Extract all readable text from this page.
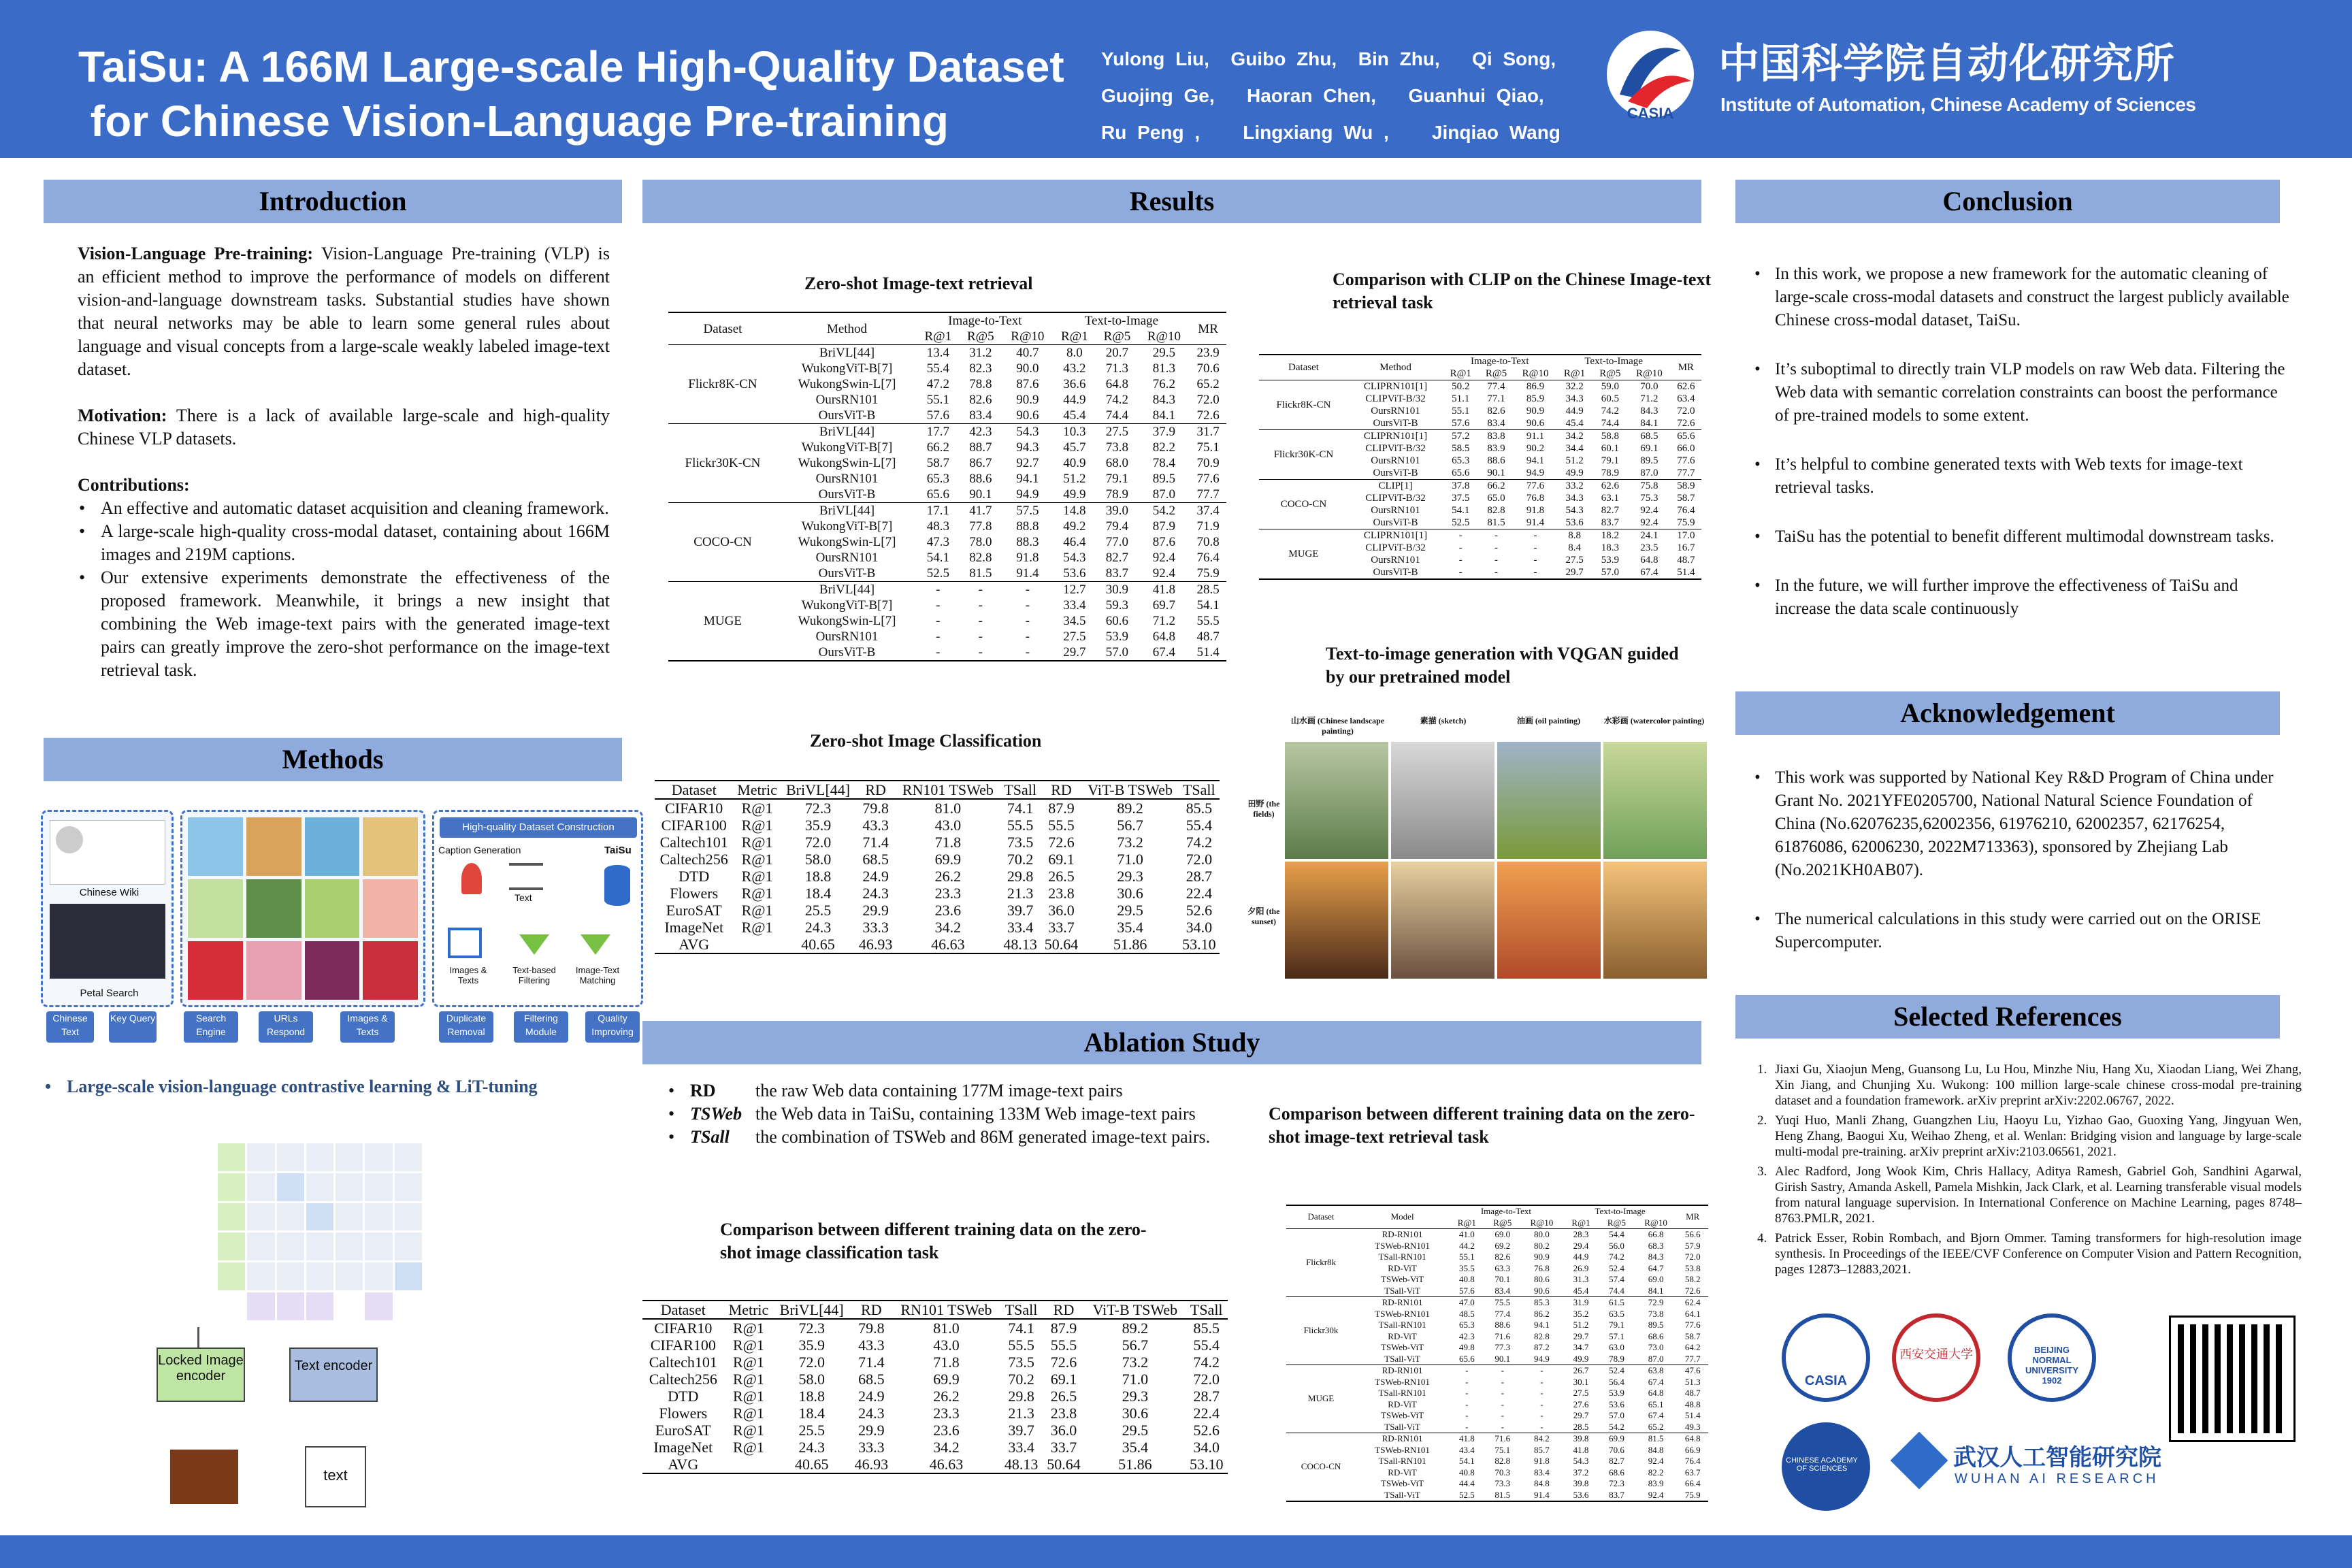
TaiSu: A 166M Large-scale High-Quality Dataset
for Chinese Vision-Language Pre-training
Yulong Liu,  Guibo Zhu,  Bin Zhu,   Qi Song,
Guojing Ge,   Haoran Chen,   Guanhui Qiao,
Ru Peng ,    Lingxiang Wu ,    Jinqiao Wang
CASIA
中国科学院自动化研究所
Institute of Automation, Chinese Academy of Sciences
Introduction

Vision-Language Pre-training: Vision-Language Pre-training (VLP) is an efficient method to improve the performance of models on different vision-and-language downstream tasks. Substantial studies have shown that neural networks may be able to learn some general rules about language and visual concepts from a large-scale weakly labeled image-text dataset.

Motivation: There is a lack of available large-scale and high-quality Chinese VLP datasets.

Contributions:

• An effective and automatic dataset acquisition and cleaning framework.
• A large-scale high-quality cross-modal dataset, containing about 166M images and 219M captions.
• Our extensive experiments demonstrate the effectiveness of the proposed framework. Meanwhile, it brings a new insight that combining the Web image-text pairs with the generated image-text pairs can greatly improve the zero-shot performance on the image-text retrieval task.
Methods
Chinese Wiki
Petal Search
High-quality Dataset Construction
Caption Generation	TaiSu
Text
Images & Texts
Text-based Filtering
Image-Text Matching
Chinese Text
Key Query	Search Engine
URLs Respond
Images & Texts
Duplicate Removal
Filtering Module
Quality Improving
• Large-scale vision-language contrastive learning & LiT-tuning
Locked Image encoder
Text encoder
text
Results
Zero-shot Image-text retrieval
Dataset	Method	Image-to-Text			Text-to-Image			MR
		R@1	R@5	R@10	R@1	R@5	R@10	
Flickr8K-CN	BriVL[44]	13.4	31.2	40.7	8.0	20.7	29.5	23.9
	WukongViT-B[7]	55.4	82.3	90.0	43.2	71.3	81.3	70.6
	WukongSwin-L[7]	47.2	78.8	87.6	36.6	64.8	76.2	65.2
	OursRN101	55.1	82.6	90.9	44.9	74.2	84.3	72.0
	OursViT-B	57.6	83.4	90.6	45.4	74.4	84.1	72.6
Flickr30K-CN	BriVL[44]	17.7	42.3	54.3	10.3	27.5	37.9	31.7
	WukongViT-B[7]	66.2	88.7	94.3	45.7	73.8	82.2	75.1
	WukongSwin-L[7]	58.7	86.7	92.7	40.9	68.0	78.4	70.9
	OursRN101	65.3	88.6	94.1	51.2	79.1	89.5	77.6
	OursViT-B	65.6	90.1	94.9	49.9	78.9	87.0	77.7
COCO-CN	BriVL[44]	17.1	41.7	57.5	14.8	39.0	54.2	37.4
	WukongViT-B[7]	48.3	77.8	88.8	49.2	79.4	87.9	71.9
	WukongSwin-L[7]	47.3	78.0	88.3	46.4	77.0	87.6	70.8
	OursRN101	54.1	82.8	91.8	54.3	82.7	92.4	76.4
	OursViT-B	52.5	81.5	91.4	53.6	83.7	92.4	75.9
MUGE	BriVL[44]	-	-	-	12.7	30.9	41.8	28.5
	WukongViT-B[7]	-	-	-	33.4	59.3	69.7	54.1
	WukongSwin-L[7]	-	-	-	34.5	60.6	71.2	55.5
	OursRN101	-	-	-	27.5	53.9	64.8	48.7
	OursViT-B	-	-	-	29.7	57.0	67.4	51.4
Zero-shot Image Classification
Dataset	Metric	BriVL[44]	RD	RN101 TSWeb	TSall	RD	ViT-B TSWeb	TSall
CIFAR10	R@1	72.3	79.8	81.0	74.1	87.9	89.2	85.5
CIFAR100	R@1	35.9	43.3	43.0	55.5	55.5	56.7	55.4
Caltech101	R@1	72.0	71.4	71.8	73.5	72.6	73.2	74.2
Caltech256	R@1	58.0	68.5	69.9	70.2	69.1	71.0	72.0
DTD	R@1	18.8	24.9	26.2	29.8	26.5	29.3	28.7
Flowers	R@1	18.4	24.3	23.3	21.3	23.8	30.6	22.4
EuroSAT	R@1	25.5	29.9	23.6	39.7	36.0	29.5	52.6
ImageNet	R@1	24.3	33.3	34.2	33.4	33.7	35.4	34.0
AVG		40.65	46.93	46.63	48.13	50.64	51.86	53.10
Comparison with CLIP on the Chinese Image-text retrieval task
Dataset	Method	Image-to-Text			Text-to-Image			MR
		R@1	R@5	R@10	R@1	R@5	R@10	
Flickr8K-CN	CLIPRN101[1]	50.2	77.4	86.9	32.2	59.0	70.0	62.6
	CLIPViT-B/32	51.1	77.1	85.9	34.3	60.5	71.2	63.4
	OursRN101	55.1	82.6	90.9	44.9	74.2	84.3	72.0
	OursViT-B	57.6	83.4	90.6	45.4	74.4	84.1	72.6
Flickr30K-CN	CLIPRN101[1]	57.2	83.8	91.1	34.2	58.8	68.5	65.6
	CLIPViT-B/32	58.5	83.9	90.2	34.4	60.1	69.1	66.0
	OursRN101	65.3	88.6	94.1	51.2	79.1	89.5	77.6
	OursViT-B	65.6	90.1	94.9	49.9	78.9	87.0	77.7
COCO-CN	CLIP[1]	37.8	66.2	77.6	33.2	62.6	75.8	58.9
	CLIPViT-B/32	37.5	65.0	76.8	34.3	63.1	75.3	58.7
	OursRN101	54.1	82.8	91.8	54.3	82.7	92.4	76.4
	OursViT-B	52.5	81.5	91.4	53.6	83.7	92.4	75.9
MUGE	CLIPRN101[1]	-	-	-	8.8	18.2	24.1	17.0
	CLIPViT-B/32	-	-	-	8.4	18.3	23.5	16.7
	OursRN101	-	-	-	27.5	53.9	64.8	48.7
	OursViT-B	-	-	-	29.7	57.0	67.4	51.4
Text-to-image generation with VQGAN guided by our pretrained model
山水画 (Chinese landscape painting)
素描 (sketch)	油画 (oil painting)	水彩画 (watercolor painting)
田野 (the fields)
夕阳 (the sunset)
Ablation Study
• RD the raw Web data containing 177M image-text pairs
• TSWeb the Web data in TaiSu, containing 133M Web image-text pairs
• TSall the combination of TSWeb and 86M generated image-text pairs.
Comparison between different training data on the zero-shot image classification task
Dataset	Metric	BriVL[44]	RD	RN101 TSWeb	TSall	RD	ViT-B TSWeb	TSall
CIFAR10	R@1	72.3	79.8	81.0	74.1	87.9	89.2	85.5
CIFAR100	R@1	35.9	43.3	43.0	55.5	55.5	56.7	55.4
Caltech101	R@1	72.0	71.4	71.8	73.5	72.6	73.2	74.2
Caltech256	R@1	58.0	68.5	69.9	70.2	69.1	71.0	72.0
DTD	R@1	18.8	24.9	26.2	29.8	26.5	29.3	28.7
Flowers	R@1	18.4	24.3	23.3	21.3	23.8	30.6	22.4
EuroSAT	R@1	25.5	29.9	23.6	39.7	36.0	29.5	52.6
ImageNet	R@1	24.3	33.3	34.2	33.4	33.7	35.4	34.0
AVG		40.65	46.93	46.63	48.13	50.64	51.86	53.10
Comparison between different training data on the zero-shot image-text retrieval task
Dataset	Model	Image-to-Text			Text-to-Image			MR
		R@1	R@5	R@10	R@1	R@5	R@10	
Flickr8k	RD-RN101	41.0	69.0	80.0	28.3	54.4	66.8	56.6
	TSWeb-RN101	44.2	69.2	80.2	29.4	56.0	68.3	57.9
	TSall-RN101	55.1	82.6	90.9	44.9	74.2	84.3	72.0
	RD-ViT	35.5	63.3	76.8	26.9	52.4	64.7	53.8
	TSWeb-ViT	40.8	70.1	80.6	31.3	57.4	69.0	58.2
	TSall-ViT	57.6	83.4	90.6	45.4	74.4	84.1	72.6
Flickr30k	RD-RN101	47.0	75.5	85.3	31.9	61.5	72.9	62.4
	TSWeb-RN101	48.5	77.4	86.2	35.2	63.5	73.8	64.1
	TSall-RN101	65.3	88.6	94.1	51.2	79.1	89.5	77.6
	RD-ViT	42.3	71.6	82.8	29.7	57.1	68.6	58.7
	TSWeb-ViT	49.8	77.3	87.2	34.7	63.0	73.0	64.2
	TSall-ViT	65.6	90.1	94.9	49.9	78.9	87.0	77.7
MUGE	RD-RN101	-	-	-	26.7	52.4	63.8	47.6
	TSWeb-RN101	-	-	-	30.1	56.4	67.4	51.3
	TSall-RN101	-	-	-	27.5	53.9	64.8	48.7
	RD-ViT	-	-	-	27.6	53.6	65.1	48.8
	TSWeb-ViT	-	-	-	29.7	57.0	67.4	51.4
	TSall-ViT	-	-	-	28.5	54.2	65.2	49.3
COCO-CN	RD-RN101	41.8	71.6	84.2	39.8	69.9	81.5	64.8
	TSWeb-RN101	43.4	75.1	85.7	41.8	70.6	84.8	66.9
	TSall-RN101	54.1	82.8	91.8	54.3	82.7	92.4	76.4
	RD-ViT	40.8	70.3	83.4	37.2	68.6	82.2	63.7
	TSWeb-ViT	44.4	73.3	84.8	39.8	72.3	83.9	66.4
	TSall-ViT	52.5	81.5	91.4	53.6	83.7	92.4	75.9
Conclusion
• In this work, we propose a new framework for the automatic cleaning of large-scale cross-modal datasets and construct the largest publicly available Chinese cross-modal dataset, TaiSu.
• It’s suboptimal to directly train VLP models on raw Web data. Filtering the Web data with semantic correlation constraints can boost the performance of pre-trained models to some extent.
• It’s helpful to combine generated texts with Web texts for image-text retrieval tasks.
• TaiSu has the potential to benefit different multimodal downstream tasks.
• In the future, we will further improve the effectiveness of TaiSu and increase the data scale continuously
Acknowledgement
• This work was supported by National Key R&D Program of China under Grant No. 2021YFE0205700, National Natural Science Foundation of China (No.62076235,62002356, 61976210, 62002357, 62176254, 61876086, 62006230, 2022M713363), sponsored by Zhejiang Lab (No.2021KH0AB07).
• The numerical calculations in this study were carried out on the ORISE Supercomputer.
Selected References
1. Jiaxi Gu, Xiaojun Meng, Guansong Lu, Lu Hou, Minzhe Niu, Hang Xu, Xiaodan Liang, Wei Zhang, Xin Jiang, and Chunjing Xu. Wukong: 100 million large-scale chinese cross-modal pre-training dataset and a foundation framework. arXiv preprint arXiv:2202.06767, 2022.
2. Yuqi Huo, Manli Zhang, Guangzhen Liu, Haoyu Lu, Yizhao Gao, Guoxing Yang, Jingyuan Wen, Heng Zhang, Baogui Xu, Weihao Zheng, et al. Wenlan: Bridging vision and language by large-scale multi-modal pre-training. arXiv preprint arXiv:2103.06561, 2021.
3. Alec Radford, Jong Wook Kim, Chris Hallacy, Aditya Ramesh, Gabriel Goh, Sandhini Agarwal, Girish Sastry, Amanda Askell, Pamela Mishkin, Jack Clark, et al. Learning transferable visual models from natural language supervision. In International Conference on Machine Learning, pages 8748–8763.PMLR, 2021.
4. Patrick Esser, Robin Rombach, and Bjorn Ommer. Taming transformers for high-resolution image synthesis. In Proceedings of the IEEE/CVF Conference on Computer Vision and Pattern Recognition, pages 12873–12883,2021.
CASIA
西安交通大学	BEIJING NORMAL UNIVERSITY 1902
CHINESE ACADEMY OF SCIENCES	武汉人工智能研究院
WUHAN AI RESEARCH
